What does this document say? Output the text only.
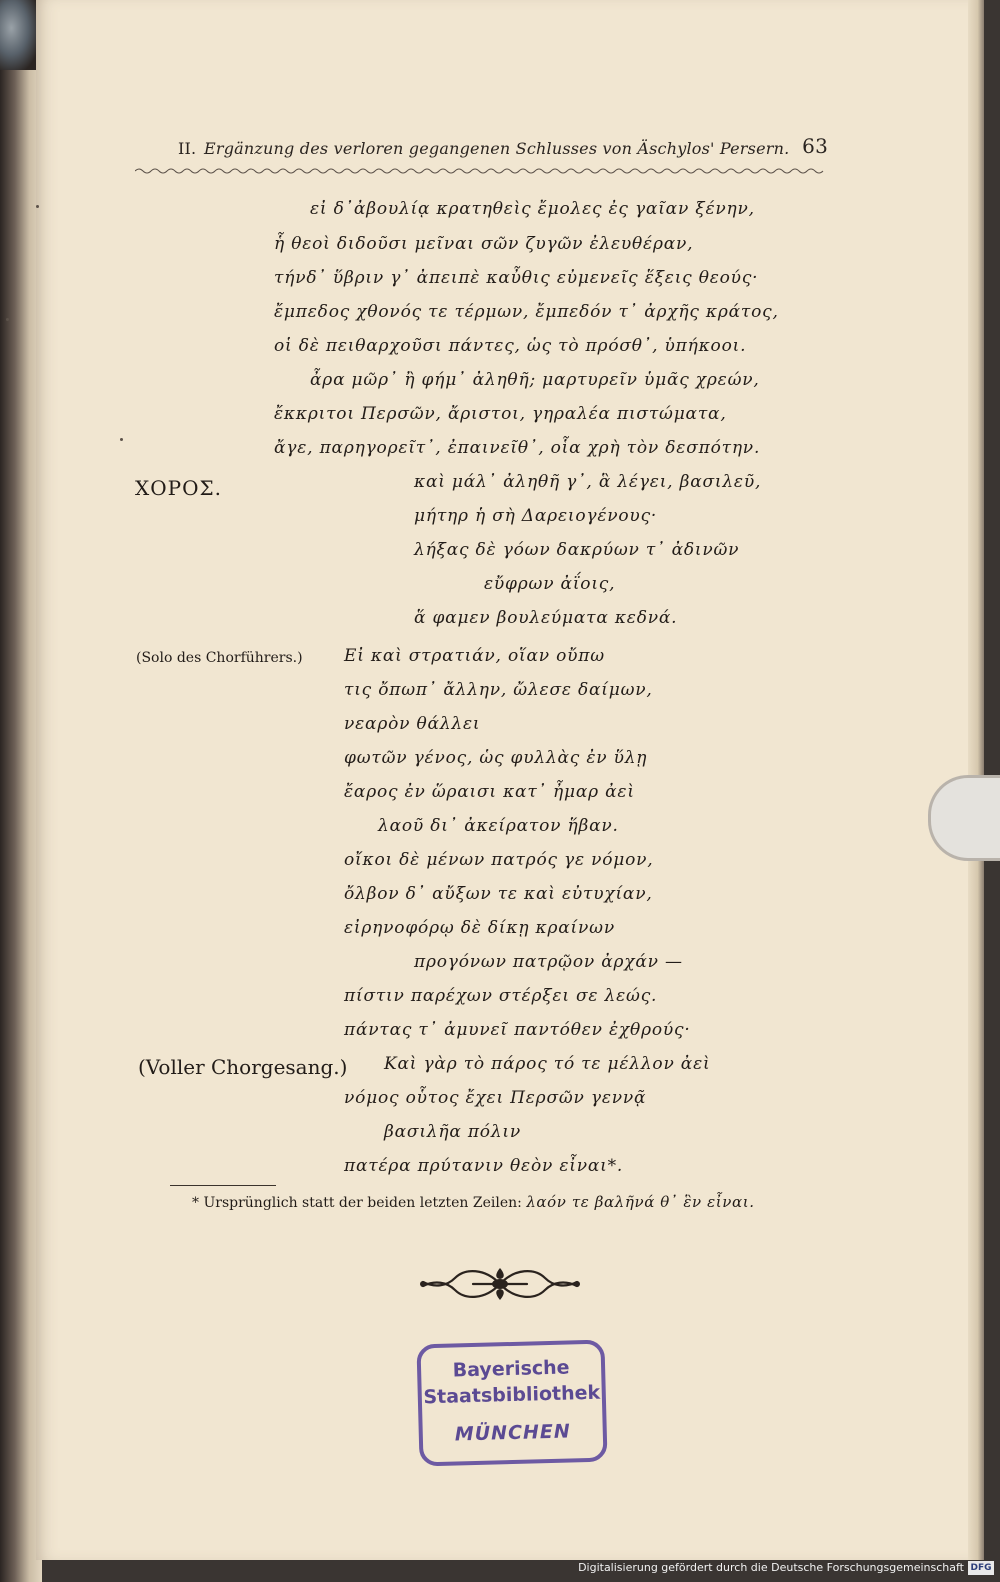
II. Ergänzung des verloren gegangenen Schlusses von Äschylos' Persern. 63
εἰ δ᾽ἀβουλίᾳ κρατηθεὶς ἔμολες ἐς γαῖαν ξένην,
ἧ θεοὶ διδοῦσι μεῖναι σῶν ζυγῶν ἐλευθέραν,
τήνδ᾽ ὕβριν γ᾽ ἀπειπὲ καὖθις εὐμενεῖς ἕξεις θεούς·
ἔμπεδος χθονός τε τέρμων, ἔμπεδόν τ᾽ ἀρχῆς κράτος,
οἱ δὲ πειθαρχοῦσι πάντες, ὡς τὸ πρόσθ᾽, ὑπήκοοι.
ἆρα μῶρ᾽ ἢ φήμ᾽ ἀληθῆ; μαρτυρεῖν ὑμᾶς χρεών,
ἔκκριτοι Περσῶν, ἄριστοι, γηραλέα πιστώματα,
ἄγε, παρηγορεῖτ᾽, ἐπαινεῖθ᾽, οἷα χρὴ τὸν δεσπότην.
ΧΟΡΟΣ.	καὶ μάλ᾽ ἀληθῆ γ᾽, ἃ λέγει, βασιλεῦ,
μήτηρ ἡ σὴ Δαρειογένους·
λήξας δὲ γόων δακρύων τ᾽ ἀδινῶν
εὔφρων ἀΐοις,
ἅ φαμεν βουλεύματα κεδνά.
(Solo des Chorführers.) Εἰ καὶ στρατιάν, οἵαν οὔπω
τις ὄπωπ᾽ ἄλλην, ὤλεσε δαίμων,
νεαρὸν θάλλει
φωτῶν γένος, ὡς φυλλὰς ἐν ὕλῃ
ἔαρος ἐν ὥραισι κατ᾽ ἦμαρ ἀεὶ
λαοῦ δι᾽ ἀκείρατον ἥβαν.
οἴκοι δὲ μένων πατρός γε νόμον,
ὄλβον δ᾽ αὔξων τε καὶ εὐτυχίαν,
εἰρηνοφόρῳ δὲ δίκῃ κραίνων
προγόνων πατρῷον ἀρχάν —
πίστιν παρέχων στέρξει σε λεώς.
πάντας τ᾽ ἀμυνεῖ παντόθεν ἐχθρούς·
(Voller Chorgesang.) Καὶ γὰρ τὸ πάρος τό τε μέλλον ἀεὶ
νόμος οὗτος ἔχει Περσῶν γεννᾷ
βασιλῆα πόλιν
πατέρα πρύτανιν θεὸν εἶναι*.
* Ursprünglich statt der beiden letzten Zeilen: λαόν τε βαλῆνά θ᾽ ἓν εἶναι.
Bayerische
Staatsbibliothek
MÜNCHEN
Digitalisierung gefördert durch die Deutsche Forschungsgemeinschaft DFG
